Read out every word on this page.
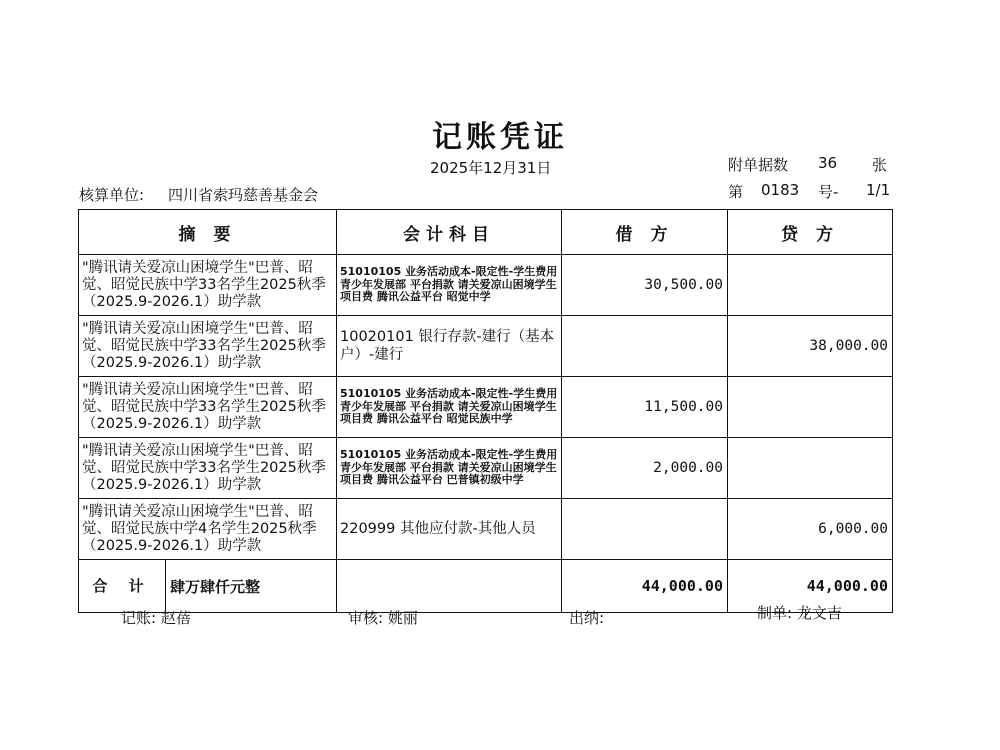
记账凭证
2025年12月31日	附单据数 36 张
核算单位: 四川省索玛慈善基金会	第 0183 号- 1/1
摘 要	会计科目	借 方	贷 方
"腾讯请关爱凉山困境学生"巴普、昭觉、昭觉民族中学33名学生2025秋季（2025.9-2026.1）助学款	51010105 业务活动成本-限定性-学生费用 青少年发展部 平台捐款 请关爱凉山困境学生 项目费 腾讯公益平台 昭觉中学	30,500.00	
"腾讯请关爱凉山困境学生"巴普、昭觉、昭觉民族中学33名学生2025秋季（2025.9-2026.1）助学款	10020101 银行存款-建行（基本户）-建行		38,000.00
"腾讯请关爱凉山困境学生"巴普、昭觉、昭觉民族中学33名学生2025秋季（2025.9-2026.1）助学款	51010105 业务活动成本-限定性-学生费用 青少年发展部 平台捐款 请关爱凉山困境学生 项目费 腾讯公益平台 昭觉民族中学	11,500.00	
"腾讯请关爱凉山困境学生"巴普、昭觉、昭觉民族中学33名学生2025秋季（2025.9-2026.1）助学款	51010105 业务活动成本-限定性-学生费用 青少年发展部 平台捐款 请关爱凉山困境学生 项目费 腾讯公益平台 巴普镇初级中学	2,000.00	
"腾讯请关爱凉山困境学生"巴普、昭觉、昭觉民族中学4名学生2025秋季（2025.9-2026.1）助学款	220999 其他应付款-其他人员		6,000.00

合 计 肆万肆仟元整		44,000.00	44,000.00
记账: 赵蓓	审核: 姚丽	出纳:	制单: 龙文吉
